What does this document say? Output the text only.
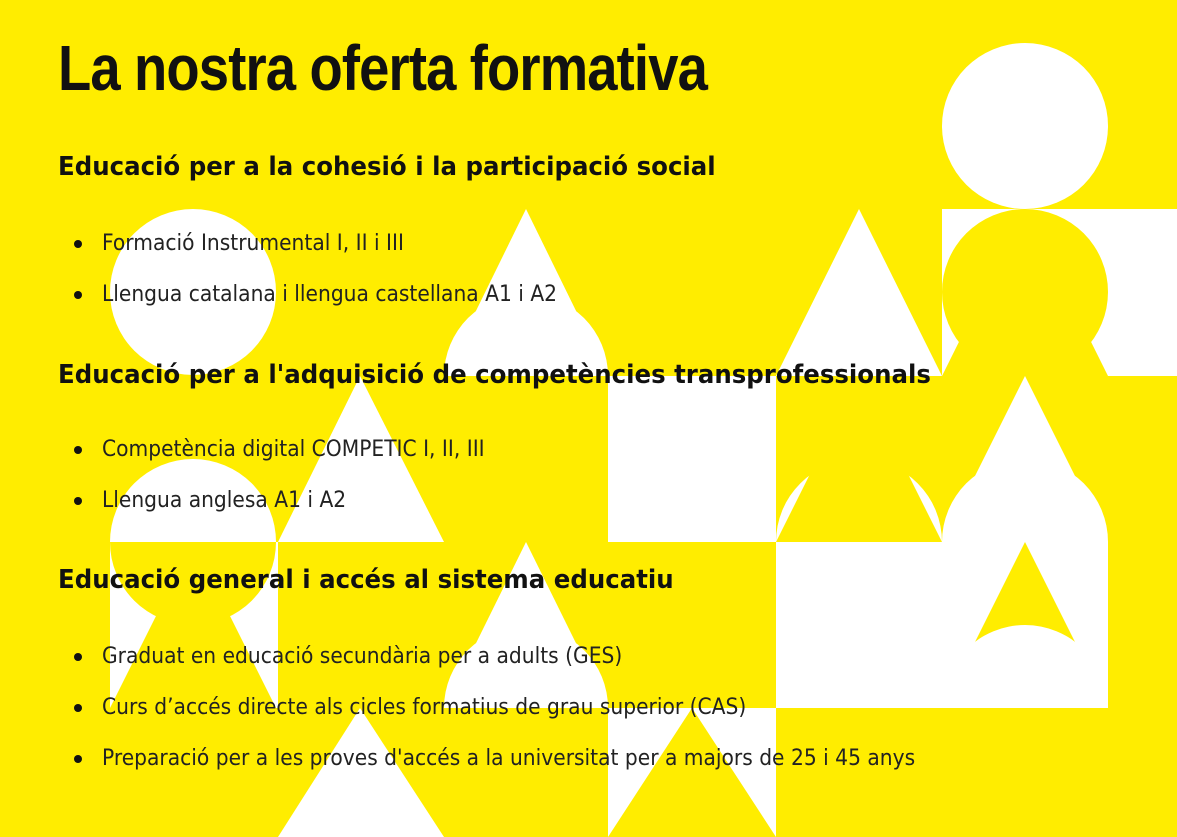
La nostra oferta formativa
Educació per a la cohesió i la participació social
Formació Instrumental I, II i III
Llengua catalana i llengua castellana A1 i A2
Educació per a l'adquisició de competències transprofessionals
Competència digital COMPETIC I, II, III
Llengua anglesa A1 i A2
Educació general i accés al sistema educatiu
Graduat en educació secundària per a adults (GES)
Curs d’accés directe als cicles formatius de grau superior (CAS)
Preparació per a les proves d'accés a la universitat per a majors de 25 i 45 anys
